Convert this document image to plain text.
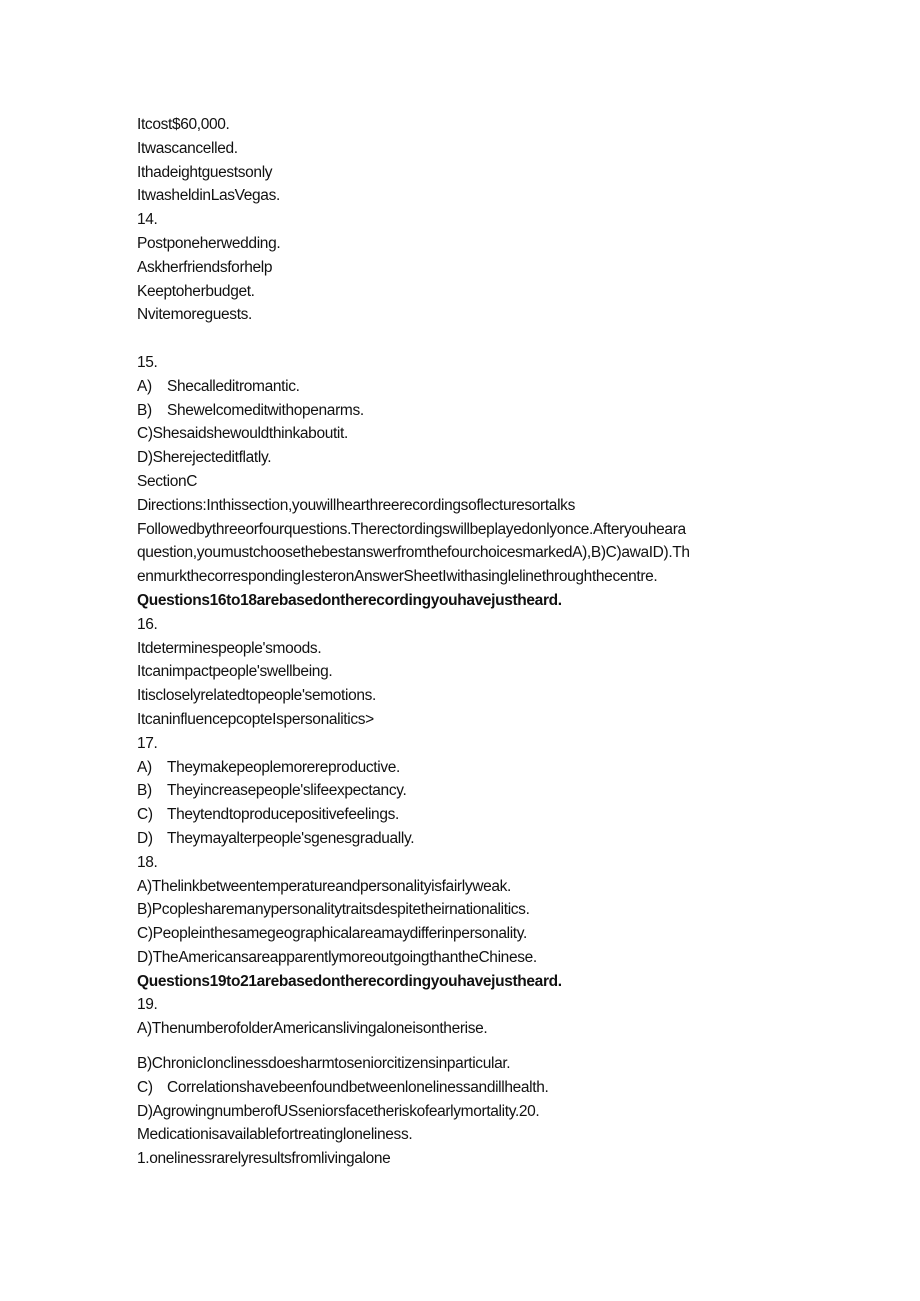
Itcost$60,000.
Itwascancelled.
Ithadeightguestsonly
ItwasheldinLasVegas.
14.
Postponeherwedding.
Askherfriendsforhelp
Keeptoherbudget.
Nvitemoreguests.
15.
A) Shecalleditromantic.
B) Shewelcomeditwithopenarms.
C)Shesaidshewouldthinkaboutit.
D)Sherejecteditflatly.
SectionC
Directions:Inthissection,youwillhearthreerecordingsoflecturesortalks
Followedbythreeorfourquestions.Therectordingswillbeplayedonlyonce.Afteryouheara
question,youmustchoosethebestanswerfromthefourchoicesmarkedA),B)C)awaID).Th
enmurkthecorrespondingIesteronAnswerSheetIwithasinglelinethroughthecentre.
Questions16to18arebasedontherecordingyouhavejustheard.
16.
Itdeterminespeople'smoods.
Itcanimpactpeople'swellbeing.
Itiscloselyrelatedtopeople'semotions.
ItcaninfluencepcopteIspersonalitics>
17.
A) Theymakepeoplemorereproductive.
B) Theyincreasepeople'slifeexpectancy.
C) Theytendtoproducepositivefeelings.
D) Theymayalterpeople'sgenesgradually.
18.
A)Thelinkbetweentemperatureandpersonalityisfairlyweak.
B)Pcoplesharemanypersonalitytraitsdespitetheirnationalitics.
C)Peopleinthesamegeographicalareamaydifferinpersonality.
D)TheAmericansareapparentlymoreoutgoingthantheChinese.
Questions19to21arebasedontherecordingyouhavejustheard.
19.
A)ThenumberofolderAmericanslivingaloneisontherise.
B)ChronicIonclinessdoesharmtoseniorcitizensinparticular.
C) Correlationshavebeenfoundbetweenlonelinessandillhealth.
D)AgrowingnumberofUSseniorsfacetheriskofearlymortality.20.
Medicationisavailablefortreatingloneliness.
1.onelinessrarelyresultsfromlivingalone
